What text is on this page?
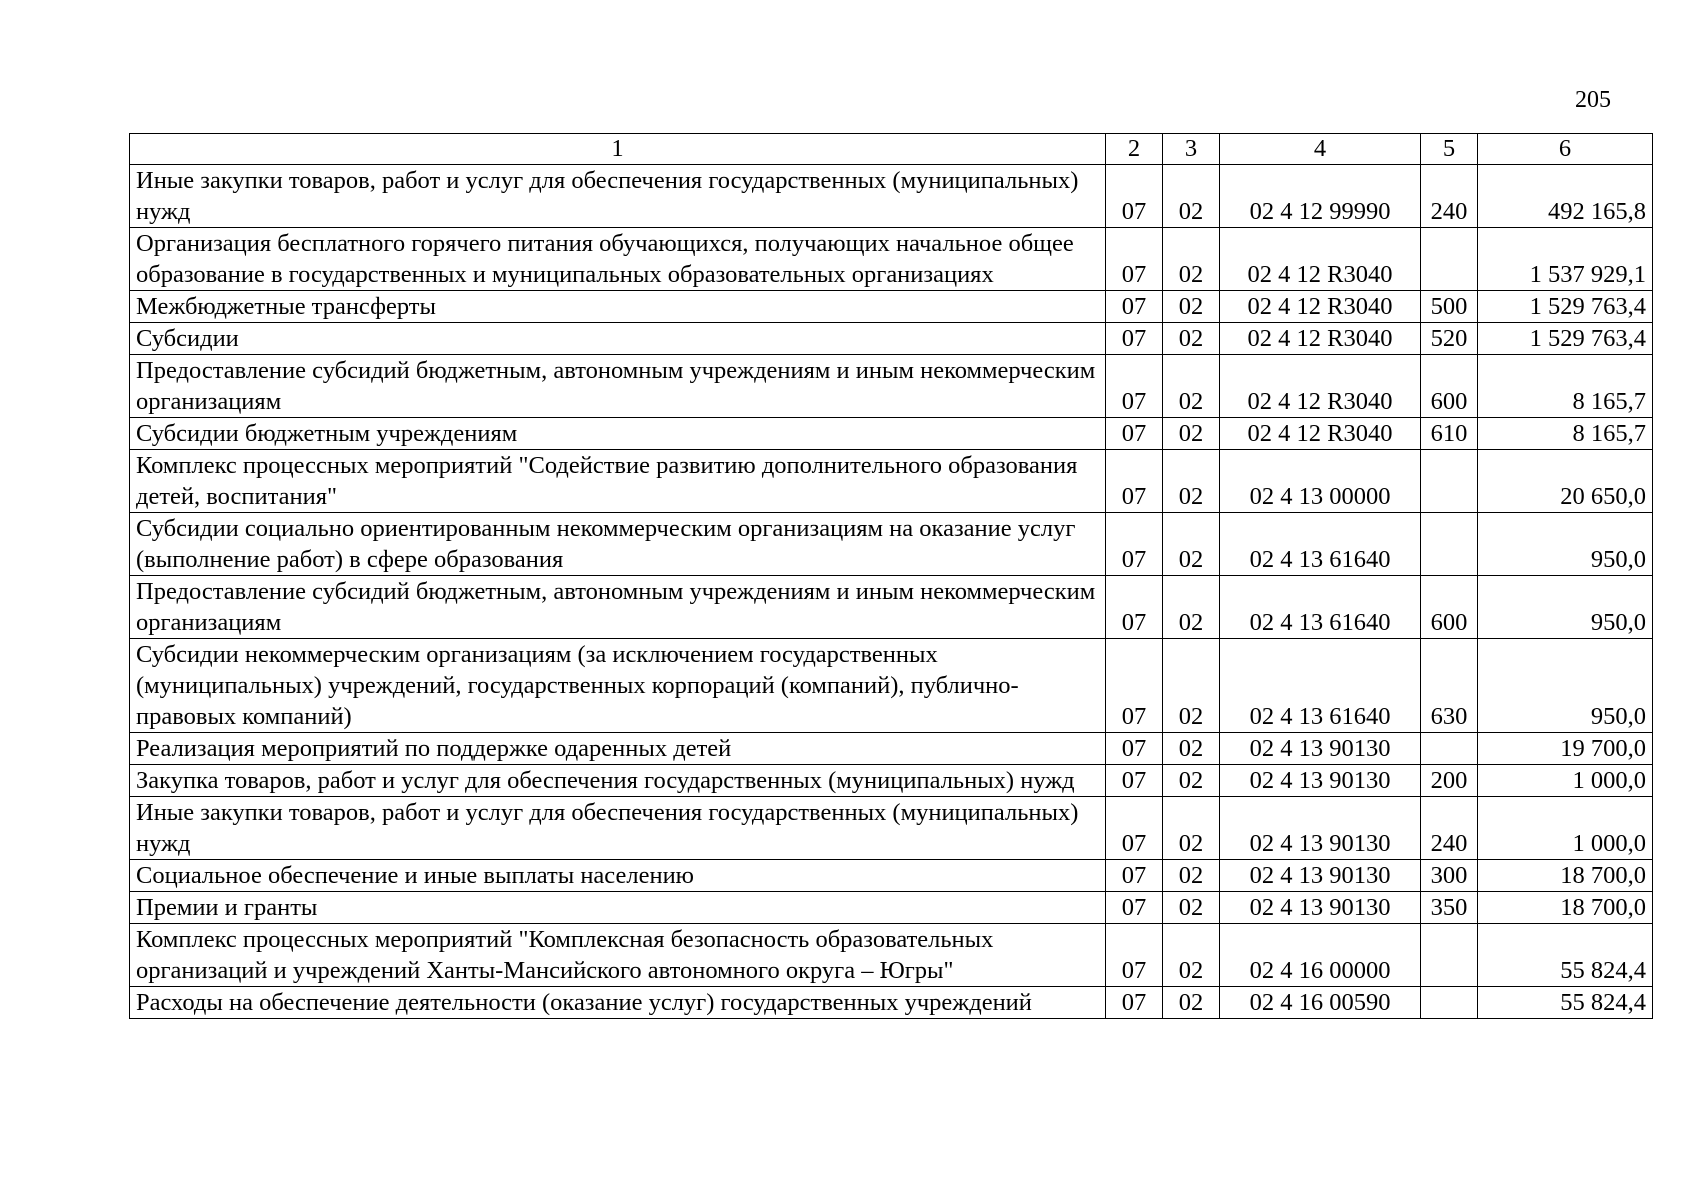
205
1	2	3	4	5	6
Иные закупки товаров, работ и услуг для обеспечения государственных (муниципальных) нужд	07	02	02 4 12 99990	240	492 165,8
Организация бесплатного горячего питания обучающихся, получающих начальное общее образование в государственных и муниципальных образовательных организациях	07	02	02 4 12 R3040		1 537 929,1
Межбюджетные трансферты	07	02	02 4 12 R3040	500	1 529 763,4
Субсидии	07	02	02 4 12 R3040	520	1 529 763,4
Предоставление субсидий бюджетным, автономным учреждениям и иным некоммерческим организациям	07	02	02 4 12 R3040	600	8 165,7
Субсидии бюджетным учреждениям	07	02	02 4 12 R3040	610	8 165,7
Комплекс процессных мероприятий "Содействие развитию дополнительного образования детей, воспитания"	07	02	02 4 13 00000		20 650,0
Субсидии социально ориентированным некоммерческим организациям на оказание услуг (выполнение работ) в сфере образования	07	02	02 4 13 61640		950,0
Предоставление субсидий бюджетным, автономным учреждениям и иным некоммерческим организациям	07	02	02 4 13 61640	600	950,0
Субсидии некоммерческим организациям (за исключением государственных (муниципальных) учреждений, государственных корпораций (компаний), публично-правовых компаний)	07	02	02 4 13 61640	630	950,0
Реализация мероприятий по поддержке одаренных детей	07	02	02 4 13 90130		19 700,0
Закупка товаров, работ и услуг для обеспечения государственных (муниципальных) нужд	07	02	02 4 13 90130	200	1 000,0
Иные закупки товаров, работ и услуг для обеспечения государственных (муниципальных) нужд	07	02	02 4 13 90130	240	1 000,0
Социальное обеспечение и иные выплаты населению	07	02	02 4 13 90130	300	18 700,0
Премии и гранты	07	02	02 4 13 90130	350	18 700,0
Комплекс процессных мероприятий "Комплексная безопасность образовательных организаций и учреждений Ханты-Мансийского автономного округа – Югры"	07	02	02 4 16 00000		55 824,4
Расходы на обеспечение деятельности (оказание услуг) государственных учреждений	07	02	02 4 16 00590		55 824,4
